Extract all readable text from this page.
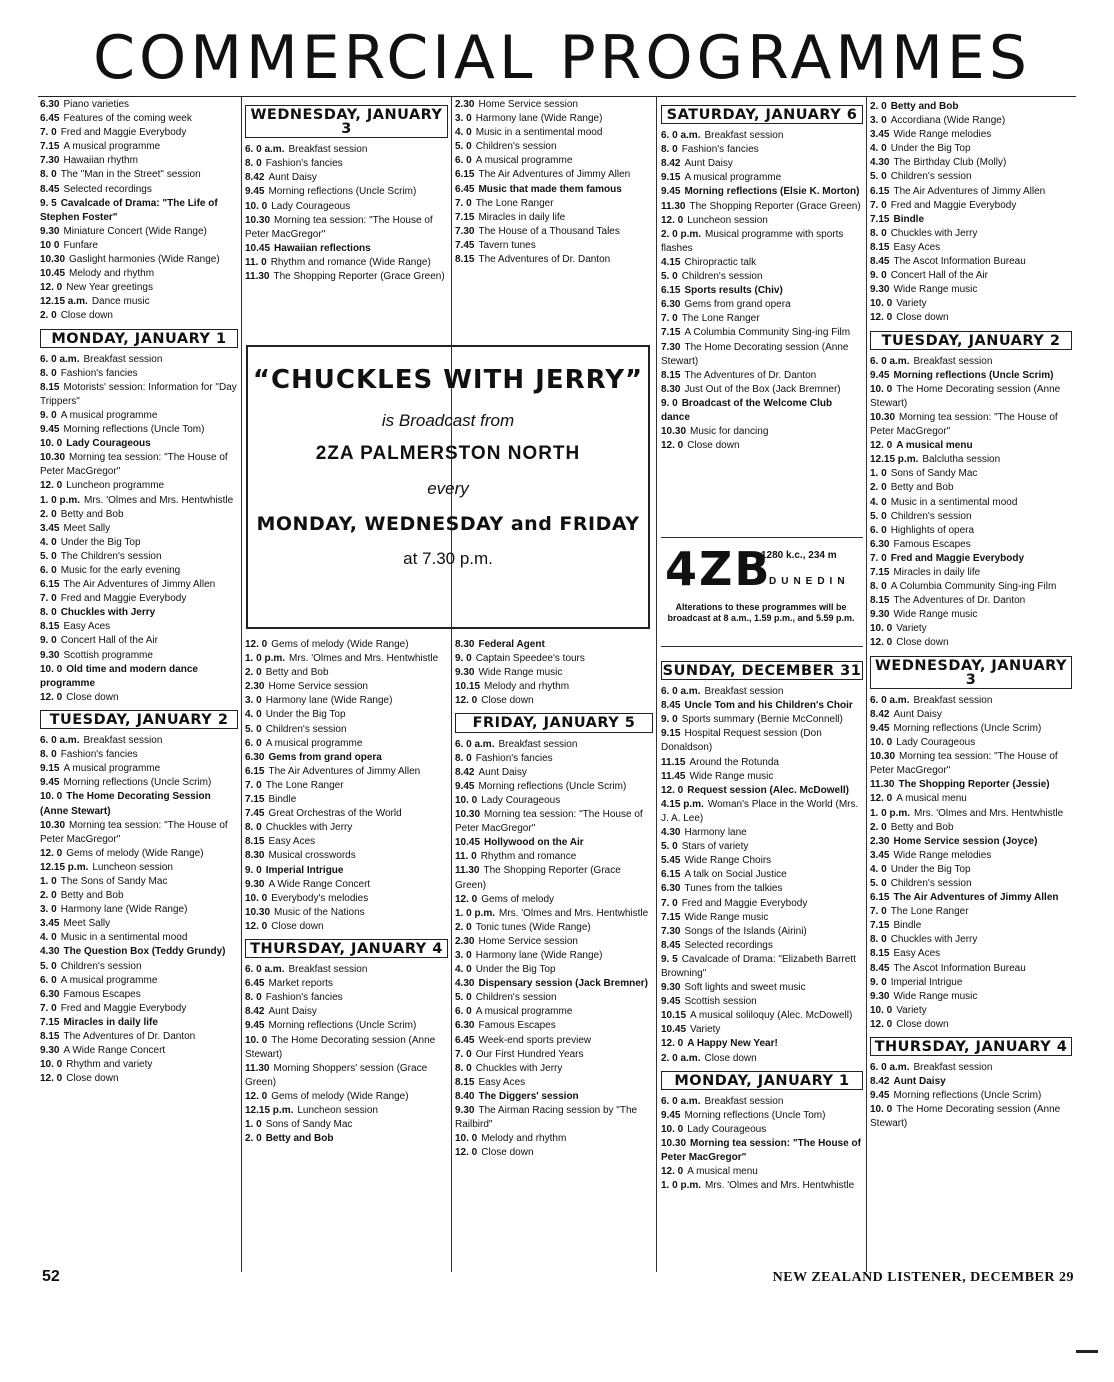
COMMERCIAL PROGRAMMES
6.30 Piano varieties
6.45 Features of the coming week
7. 0 Fred and Maggie Everybody
7.15 A musical programme
7.30 Hawaiian rhythm
8. 0 The "Man in the Street" session
8.45 Selected recordings
9. 5 Cavalcade of Drama: "The Life of Stephen Foster"
9.30 Miniature Concert (Wide Range)
10 0 Funfare
10.30 Gaslight harmonies (Wide Range)
10.45 Melody and rhythm
12. 0 New Year greetings
12.15 a.m. Dance music
2. 0 Close down
MONDAY, JANUARY 1
6. 0 a.m. Breakfast session
8. 0 Fashion's fancies
8.15 Motorists' session: Information for "Day Trippers"
9. 0 A musical programme
9.45 Morning reflections (Uncle Tom)
10. 0 Lady Courageous
10.30 Morning tea session: "The House of Peter MacGregor"
12. 0 Luncheon programme
1. 0 p.m. Mrs. 'Olmes and Mrs. Hentwhistle
2. 0 Betty and Bob
3.45 Meet Sally
4. 0 Under the Big Top
5. 0 The Children's session
6. 0 Music for the early evening
6.15 The Air Adventures of Jimmy Allen
7. 0 Fred and Maggie Everybody
8. 0 Chuckles with Jerry
8.15 Easy Aces
9. 0 Concert Hall of the Air
9.30 Scottish programme
10. 0 Old time and modern dance programme
12. 0 Close down
TUESDAY, JANUARY 2
6. 0 a.m. Breakfast session
8. 0 Fashion's fancies
9.15 A musical programme
9.45 Morning reflections (Uncle Scrim)
10. 0 The Home Decorating Session (Anne Stewart)
10.30 Morning tea session: "The House of Peter MacGregor"
12. 0 Gems of melody (Wide Range)
12.15 p.m. Luncheon session
1. 0 The Sons of Sandy Mac
2. 0 Betty and Bob
3. 0 Harmony lane (Wide Range)
3.45 Meet Sally
4. 0 Music in a sentimental mood
4.30 The Question Box (Teddy Grundy)
5. 0 Children's session
6. 0 A musical programme
6.30 Famous Escapes
7. 0 Fred and Maggie Everybody
7.15 Miracles in daily life
8.15 The Adventures of Dr. Danton
9.30 A Wide Range Concert
10. 0 Rhythm and variety
12. 0 Close down
WEDNESDAY, JANUARY 3
6. 0 a.m. Breakfast session
8. 0 Fashion's fancies
8.42 Aunt Daisy
9.45 Morning reflections (Uncle Scrim)
10. 0 Lady Courageous
10.30 Morning tea session: "The House of Peter MacGregor"
10.45 Hawaiian reflections
11. 0 Rhythm and romance (Wide Range)
11.30 The Shopping Reporter (Grace Green)
2.30 Home Service session
3. 0 Harmony lane (Wide Range)
4. 0 Music in a sentimental mood
5. 0 Children's session
6. 0 A musical programme
6.15 The Air Adventures of Jimmy Allen
6.45 Music that made them famous
7. 0 The Lone Ranger
7.15 Miracles in daily life
7.30 The House of a Thousand Tales
7.45 Tavern tunes
8.15 The Adventures of Dr. Danton
12. 0 Gems of melody (Wide Range)
1. 0 p.m. Mrs. 'Olmes and Mrs. Hentwhistle
2. 0 Betty and Bob
2.30 Home Service session
3. 0 Harmony lane (Wide Range)
4. 0 Under the Big Top
5. 0 Children's session
6. 0 A musical programme
6.30 Gems from grand opera
6.15 The Air Adventures of Jimmy Allen
7. 0 The Lone Ranger
7.15 Bindle
7.45 Great Orchestras of the World
8. 0 Chuckles with Jerry
8.15 Easy Aces
8.30 Musical crosswords
9. 0 Imperial Intrigue
9.30 A Wide Range Concert
10. 0 Everybody's melodies
10.30 Music of the Nations
12. 0 Close down
THURSDAY, JANUARY 4
6. 0 a.m. Breakfast session
6.45 Market reports
8. 0 Fashion's fancies
8.42 Aunt Daisy
9.45 Morning reflections (Uncle Scrim)
10. 0 The Home Decorating session (Anne Stewart)
11.30 Morning Shoppers' session (Grace Green)
12. 0 Gems of melody (Wide Range)
12.15 p.m. Luncheon session
1. 0 Sons of Sandy Mac
2. 0 Betty and Bob
8.30 Federal Agent
9. 0 Captain Speedee's tours
9.30 Wide Range music
10.15 Melody and rhythm
12. 0 Close down
FRIDAY, JANUARY 5
6. 0 a.m. Breakfast session
8. 0 Fashion's fancies
8.42 Aunt Daisy
9.45 Morning reflections (Uncle Scrim)
10. 0 Lady Courageous
10.30 Morning tea session: "The House of Peter MacGregor"
10.45 Hollywood on the Air
11. 0 Rhythm and romance
11.30 The Shopping Reporter (Grace Green)
12. 0 Gems of melody
1. 0 p.m. Mrs. 'Olmes and Mrs. Hentwhistle
2. 0 Tonic tunes (Wide Range)
2.30 Home Service session
3. 0 Harmony lane (Wide Range)
4. 0 Under the Big Top
4.30 Dispensary session (Jack Bremner)
5. 0 Children's session
6. 0 A musical programme
6.30 Famous Escapes
6.45 Week-end sports preview
7. 0 Our First Hundred Years
8. 0 Chuckles with Jerry
8.15 Easy Aces
8.40 The Diggers' session
9.30 The Airman Racing session by "The Railbird"
10. 0 Melody and rhythm
12. 0 Close down
SATURDAY, JANUARY 6
6. 0 a.m. Breakfast session
8. 0 Fashion's fancies
8.42 Aunt Daisy
9.15 A musical programme
9.45 Morning reflections (Elsie K. Morton)
11.30 The Shopping Reporter (Grace Green)
12. 0 Luncheon session
2. 0 p.m. Musical programme with sports flashes
4.15 Chiropractic talk
5. 0 Children's session
6.15 Sports results (Chiv)
6.30 Gems from grand opera
7. 0 The Lone Ranger
7.15 A Columbia Community Sing-ing Film
7.30 The Home Decorating session (Anne Stewart)
8.15 The Adventures of Dr. Danton
8.30 Just Out of the Box (Jack Bremner)
9. 0 Broadcast of the Welcome Club dance
10.30 Music for dancing
12. 0 Close down
SUNDAY, DECEMBER 31
6. 0 a.m. Breakfast session
8.45 Uncle Tom and his Children's Choir
9. 0 Sports summary (Bernie McConnell)
9.15 Hospital Request session (Don Donaldson)
11.15 Around the Rotunda
11.45 Wide Range music
12. 0 Request session (Alec. McDowell)
4.15 p.m. Woman's Place in the World (Mrs. J. A. Lee)
4.30 Harmony lane
5. 0 Stars of variety
5.45 Wide Range Choirs
6.15 A talk on Social Justice
6.30 Tunes from the talkies
7. 0 Fred and Maggie Everybody
7.15 Wide Range music
7.30 Songs of the Islands (Airini)
8.45 Selected recordings
9. 5 Cavalcade of Drama: "Elizabeth Barrett Browning"
9.30 Soft lights and sweet music
9.45 Scottish session
10.15 A musical soliloquy (Alec. McDowell)
10.45 Variety
12. 0 A Happy New Year!
2. 0 a.m. Close down
MONDAY, JANUARY 1
6. 0 a.m. Breakfast session
9.45 Morning reflections (Uncle Tom)
10. 0 Lady Courageous
10.30 Morning tea session: "The House of Peter MacGregor"
12. 0 A musical menu
1. 0 p.m. Mrs. 'Olmes and Mrs. Hentwhistle
2. 0 Betty and Bob
3. 0 Accordiana (Wide Range)
3.45 Wide Range melodies
4. 0 Under the Big Top
4.30 The Birthday Club (Molly)
5. 0 Children's session
6.15 The Air Adventures of Jimmy Allen
7. 0 Fred and Maggie Everybody
7.15 Bindle
8. 0 Chuckles with Jerry
8.15 Easy Aces
8.45 The Ascot Information Bureau
9. 0 Concert Hall of the Air
9.30 Wide Range music
10. 0 Variety
12. 0 Close down
TUESDAY, JANUARY 2
6. 0 a.m. Breakfast session
9.45 Morning reflections (Uncle Scrim)
10. 0 The Home Decorating session (Anne Stewart)
10.30 Morning tea session: "The House of Peter MacGregor"
12. 0 A musical menu
12.15 p.m. Balclutha session
1. 0 Sons of Sandy Mac
2. 0 Betty and Bob
4. 0 Music in a sentimental mood
5. 0 Children's session
6. 0 Highlights of opera
6.30 Famous Escapes
7. 0 Fred and Maggie Everybody
7.15 Miracles in daily life
8. 0 A Columbia Community Sing-ing Film
8.15 The Adventures of Dr. Danton
9.30 Wide Range music
10. 0 Variety
12. 0 Close down
WEDNESDAY, JANUARY 3
6. 0 a.m. Breakfast session
8.42 Aunt Daisy
9.45 Morning reflections (Uncle Scrim)
10. 0 Lady Courageous
10.30 Morning tea session: "The House of Peter MacGregor"
11.30 The Shopping Reporter (Jessie)
12. 0 A musical menu
1. 0 p.m. Mrs. 'Olmes and Mrs. Hentwhistle
2. 0 Betty and Bob
2.30 Home Service session (Joyce)
3.45 Wide Range melodies
4. 0 Under the Big Top
5. 0 Children's session
6.15 The Air Adventures of Jimmy Allen
7. 0 The Lone Ranger
7.15 Bindle
8. 0 Chuckles with Jerry
8.15 Easy Aces
8.45 The Ascot Information Bureau
9. 0 Imperial Intrigue
9.30 Wide Range music
10. 0 Variety
12. 0 Close down
THURSDAY, JANUARY 4
6. 0 a.m. Breakfast session
8.42 Aunt Daisy
9.45 Morning reflections (Uncle Scrim)
10. 0 The Home Decorating session (Anne Stewart)
“CHUCKLES WITH JERRY”
is Broadcast from
2ZA PALMERSTON NORTH
every
MONDAY, WEDNESDAY and FRIDAY
at 7.30 p.m.	4ZB
1280 k.c., 234 m
DUNEDIN
Alterations to these programmes will be broadcast at 8 a.m., 1.59 p.m., and 5.59 p.m.
52	NEW ZEALAND LISTENER, DECEMBER 29
